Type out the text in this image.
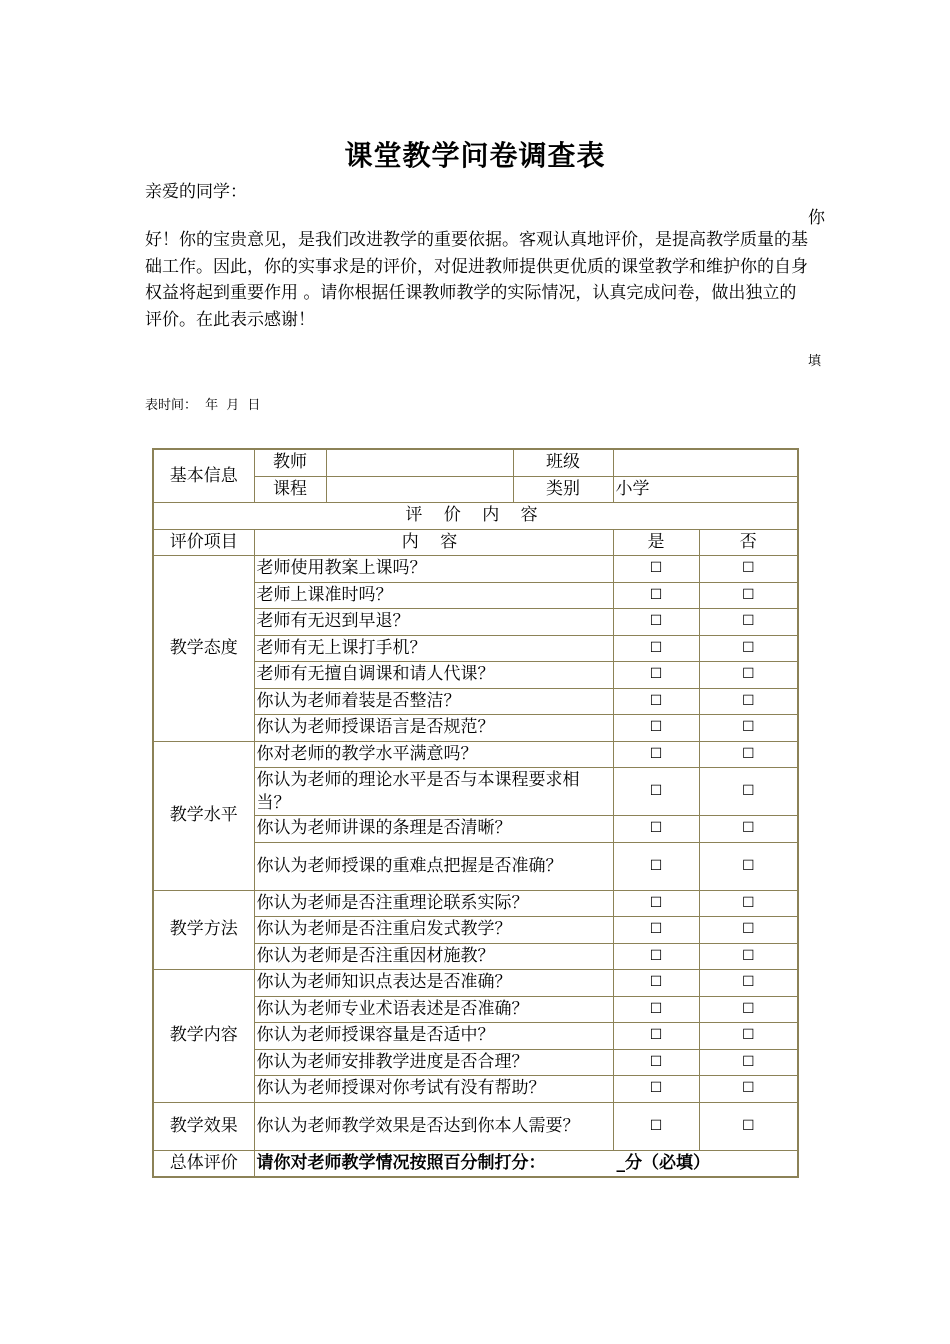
课堂教学问卷调查表
亲爱的同学：
你
好！你的宝贵意见，是我们改进教学的重要依据。客观认真地评价，是提高教学质量的基础工作。因此，你的实事求是的评价，对促进教师提供更优质的课堂教学和维护你的自身权益将起到重要作用 。请你根据任课教师教学的实际情况，认真完成问卷，做出独立的评价。在此表示感谢！
填
表时间： 年 月 日
基本信息	教师		班级		
	课程		类别	小学	
评 价 内 容					
评价项目	内 容			是	否
教学态度	老师使用教案上课吗？			☐	☐
	老师上课准时吗？			☐	☐
	老师有无迟到早退？			☐	☐
	老师有无上课打手机？			☐	☐
	老师有无擅自调课和请人代课？			☐	☐
	你认为老师着装是否整洁？			☐	☐
	你认为老师授课语言是否规范？			☐	☐
教学水平	你对老师的教学水平满意吗？			☐	☐
	你认为老师的理论水平是否与本课程要求相当？			☐	☐
	你认为老师讲课的条理是否清晰？			☐	☐
	你认为老师授课的重难点把握是否准确？			☐	☐
教学方法	你认为老师是否注重理论联系实际？			☐	☐
	你认为老师是否注重启发式教学？			☐	☐
	你认为老师是否注重因材施教？			☐	☐
教学内容	你认为老师知识点表达是否准确？			☐	☐
	你认为老师专业术语表述是否准确？			☐	☐
	你认为老师授课容量是否适中？			☐	☐
	你认为老师安排教学进度是否合理？			☐	☐
	你认为老师授课对你考试有没有帮助？			☐	☐
教学效果	你认为老师教学效果是否达到你本人需要？			☐	☐
总体评价	请你对老师教学情况按照百分制打分：            _分（必填）				
